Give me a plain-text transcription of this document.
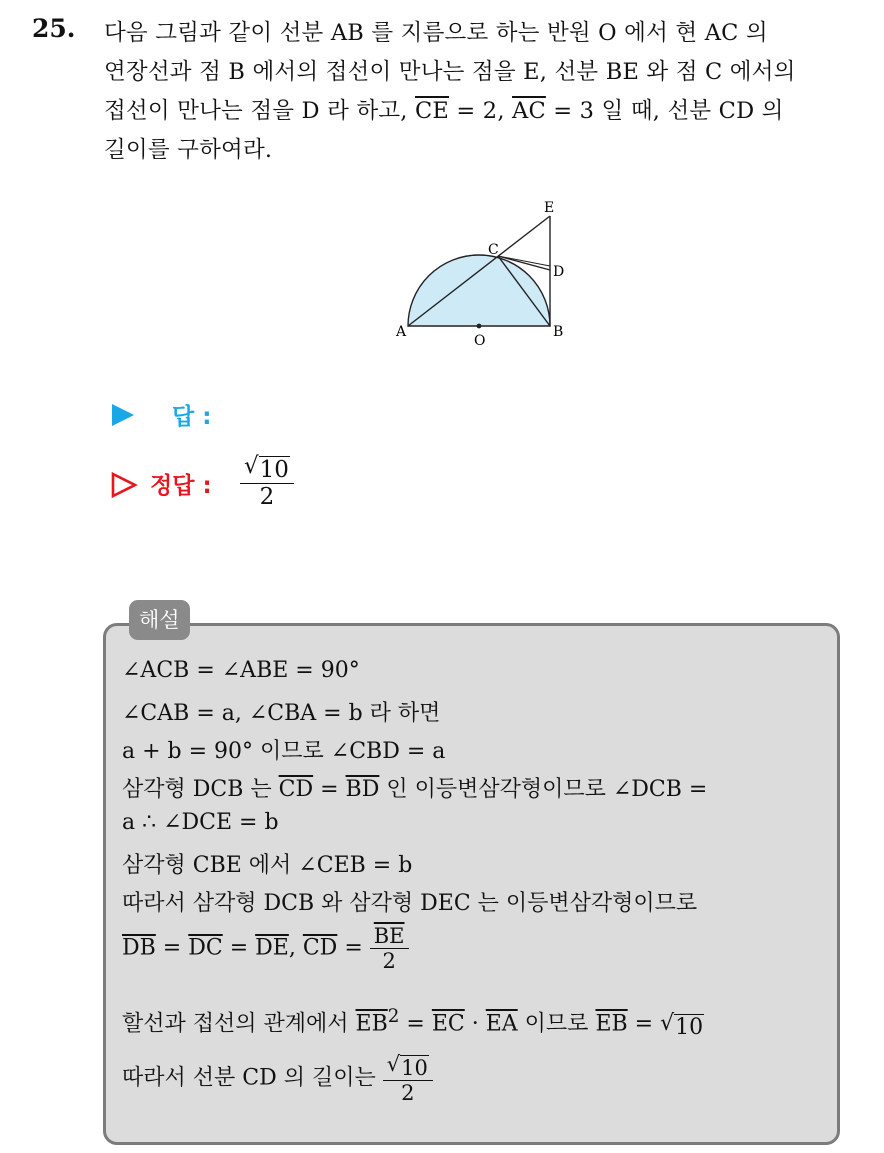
25. 다음 그림과 같이 선분 AB 를 지름으로 하는 반원 O 에서 현 AC 의
연장선과 점 B 에서의 접선이 만나는 점을 E, 선분 BE 와 점 C 에서의
접선이 만나는 점을 D 라 하고, $\overline{CE} = 2$, $\overline{AC} = 3$ 일 때, 선분 CD 의
길이를 구하여라.
A
O
B
C
D
E
답 :
정답 :
√ 10
2
해설
∠ACB = ∠ABE = 90°
∠CAB = a, ∠CBA = b 라 하면
a + b = 90° 이므로 ∠CBD = a
삼각형 DCB 는 $\overline{CD} = \overline{BD}$ 인 이등변삼각형이므로 ∠DCB =
a ∴ ∠DCE = b
삼각형 CBE 에서 ∠CEB = b
따라서 삼각형 DCB 와 삼각형 DEC 는 이등변삼각형이므로
$\overline{DB} = \overline{DC} = \overline{DE}$, $\overline{CD} = \frac{\overline{BE}}{2}$
할선과 접선의 관계에서 $\overline{EB}^2 = \overline{EC} \cdot \overline{EA}$ 이므로 $\overline{EB}$ = √ 10
따라서 선분 CD 의 길이는 $\frac{√ 10}{2}$
